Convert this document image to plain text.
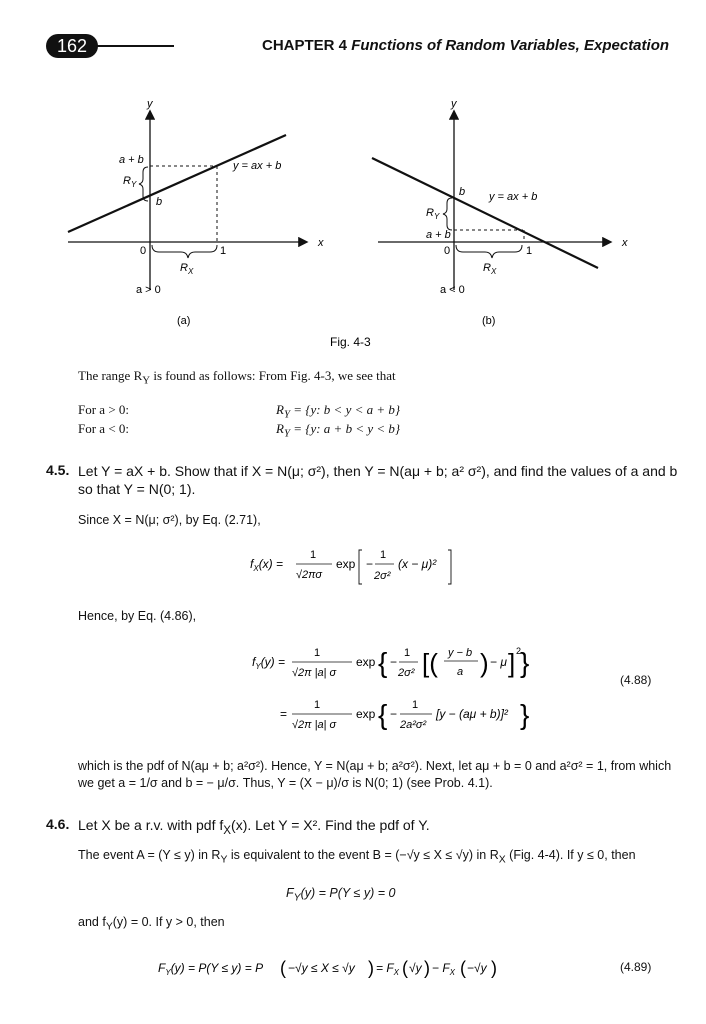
162	CHAPTER 4 Functions of Random Variables, Expectation
y
x
y = ax + b
a + b
$R_Y$
b
0	1
$R_X$
a > 0
(a)
y
x
y = ax + b
a + b
$R_Y$
b
0	1
$R_X$
a < 0
(b)
Fig. 4-3
The range $R_Y$ is found as follows: From Fig. 4-3, we see that
For a > 0:	$R_Y = \{y$: b < y < a + b}
For a < 0:	$R_Y = \{y$: a + b < y < b}
4.5. Let Y = aX + b. Show that if X = N(μ; σ²), then Y = N(aμ + b; a² σ²), and find the values of a and b
so that Y = N(0; 1).
Since X = N(μ; σ²), by Eq. (2.71),
$f_X(x)$ =
1
√2πσ
exp −
1
2σ²
(x − μ)²
Hence, by Eq. (4.86),
$f_Y(y)$ =
1
√2π |a| σ
exp { −
1
2σ² [( y − b
a ) − μ ] 2
}
=
1
√2π |a| σ
exp { −
1
2a²σ²
[y − (aμ + b)]² }
(4.88)
which is the pdf of N(aμ + b; a²σ²). Hence, Y = N(aμ + b; a²σ²). Next, let aμ + b = 0 and a²σ² = 1, from which
we get a = 1/σ and b = − μ/σ. Thus, Y = (X − μ)/σ is N(0; 1) (see Prob. 4.1).
4.6. Let X be a r.v. with pdf $f_X(x)$. Let Y = X². Find the pdf of Y.
The event A = (Y ≤ y) in $R_Y$ is equivalent to the event B = (−√y ≤ X ≤ √y) in $R_X$ (Fig. 4-4). If y ≤ 0, then
$F_Y(y) = P(Y \le y) = 0$
and $f_Y(y) = 0$. If y > 0, then
$F_Y(y) = P(Y \le y) = P$ ( −√y ≤ X ≤ √y ) = $F_X$ ( √y ) − $F_X$ ( −√y )	(4.89)
